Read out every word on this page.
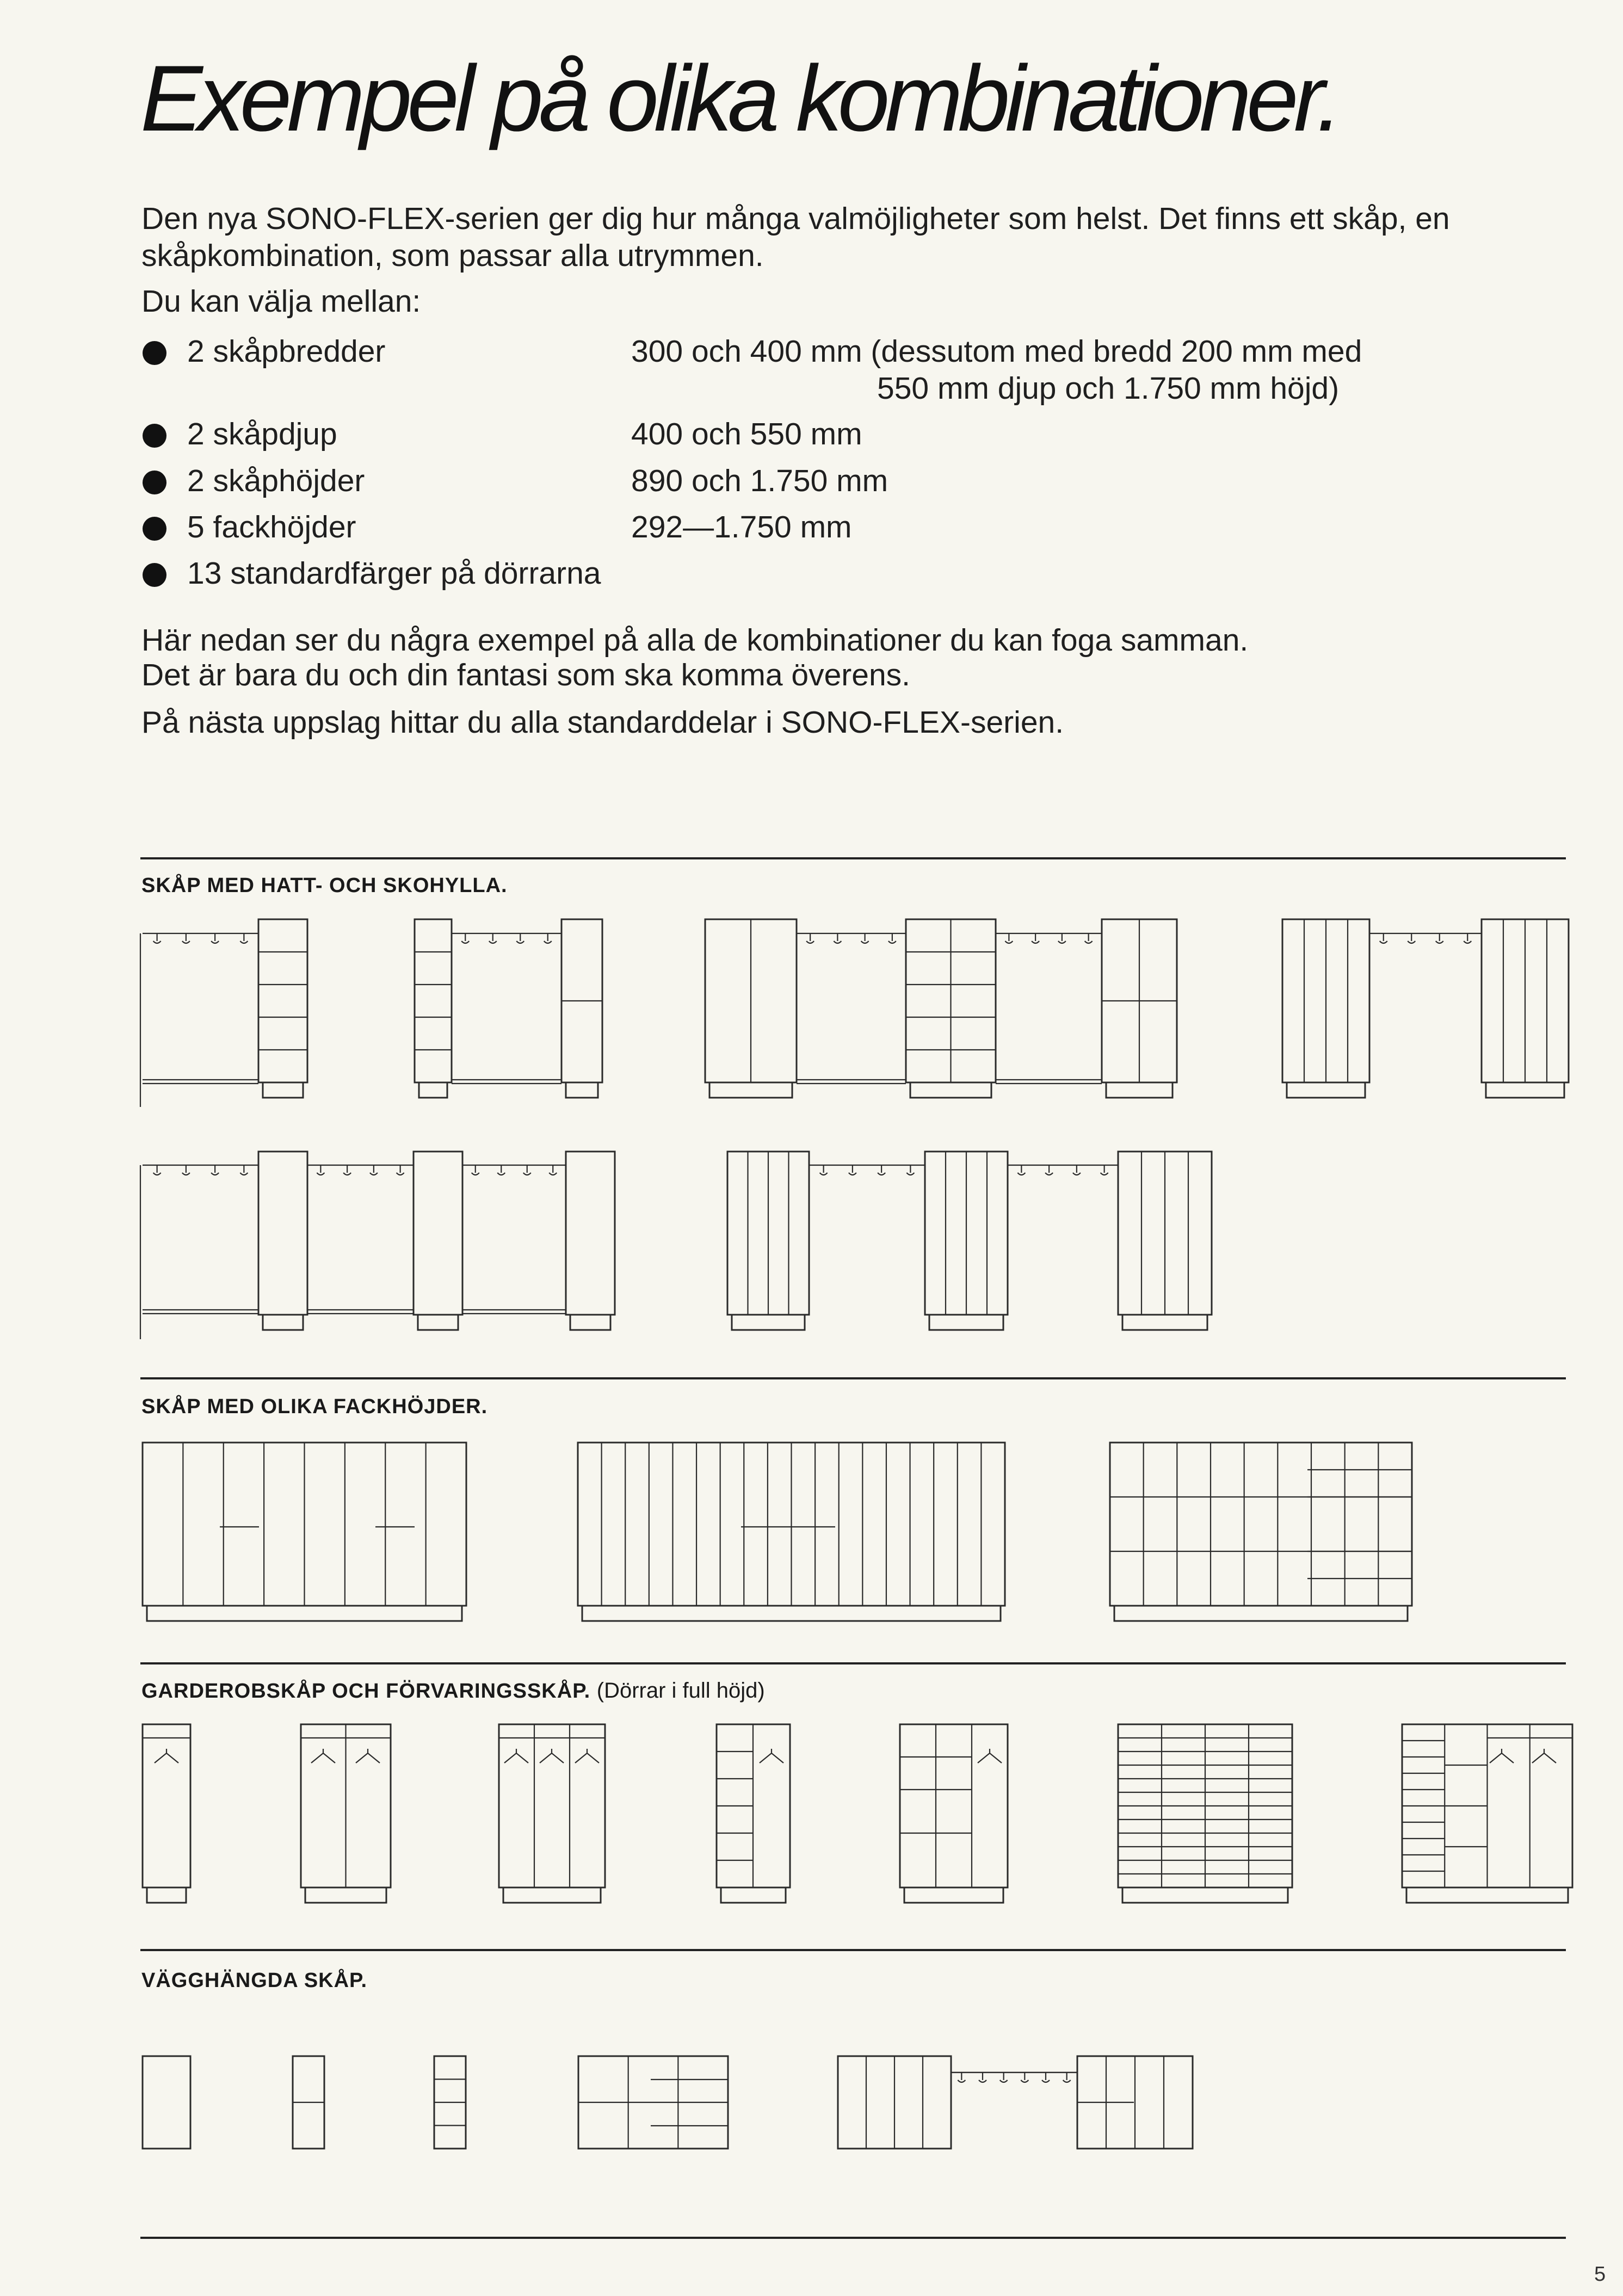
Exempel på olika kombinationer.

Den nya SONO-FLEX-serien ger dig hur många valmöjligheter som helst. Det finns ett skåp, en

skåpkombination, som passar alla utrymmen.

Du kan välja mellan:

2 skåpbredder	300 och 400 mm (dessutom med bredd 200 mm med
550 mm djup och 1.750 mm höjd)
2 skåpdjup	400 och 550 mm
2 skåphöjder	890 och 1.750 mm
5 fackhöjder	292—1.750 mm
13 standardfärger på dörrarna

Här nedan ser du några exempel på alla de kombinationer du kan foga samman.

Det är bara du och din fantasi som ska komma överens.

På nästa uppslag hittar du alla standarddelar i SONO-FLEX-serien.

SKÅP MED HATT- OCH SKOHYLLA.
SKÅP MED OLIKA FACKHÖJDER.
GARDEROBSKÅP OCH FÖRVARINGSSKÅP. (Dörrar i full höjd)
VÄGGHÄNGDA SKÅP.
5
